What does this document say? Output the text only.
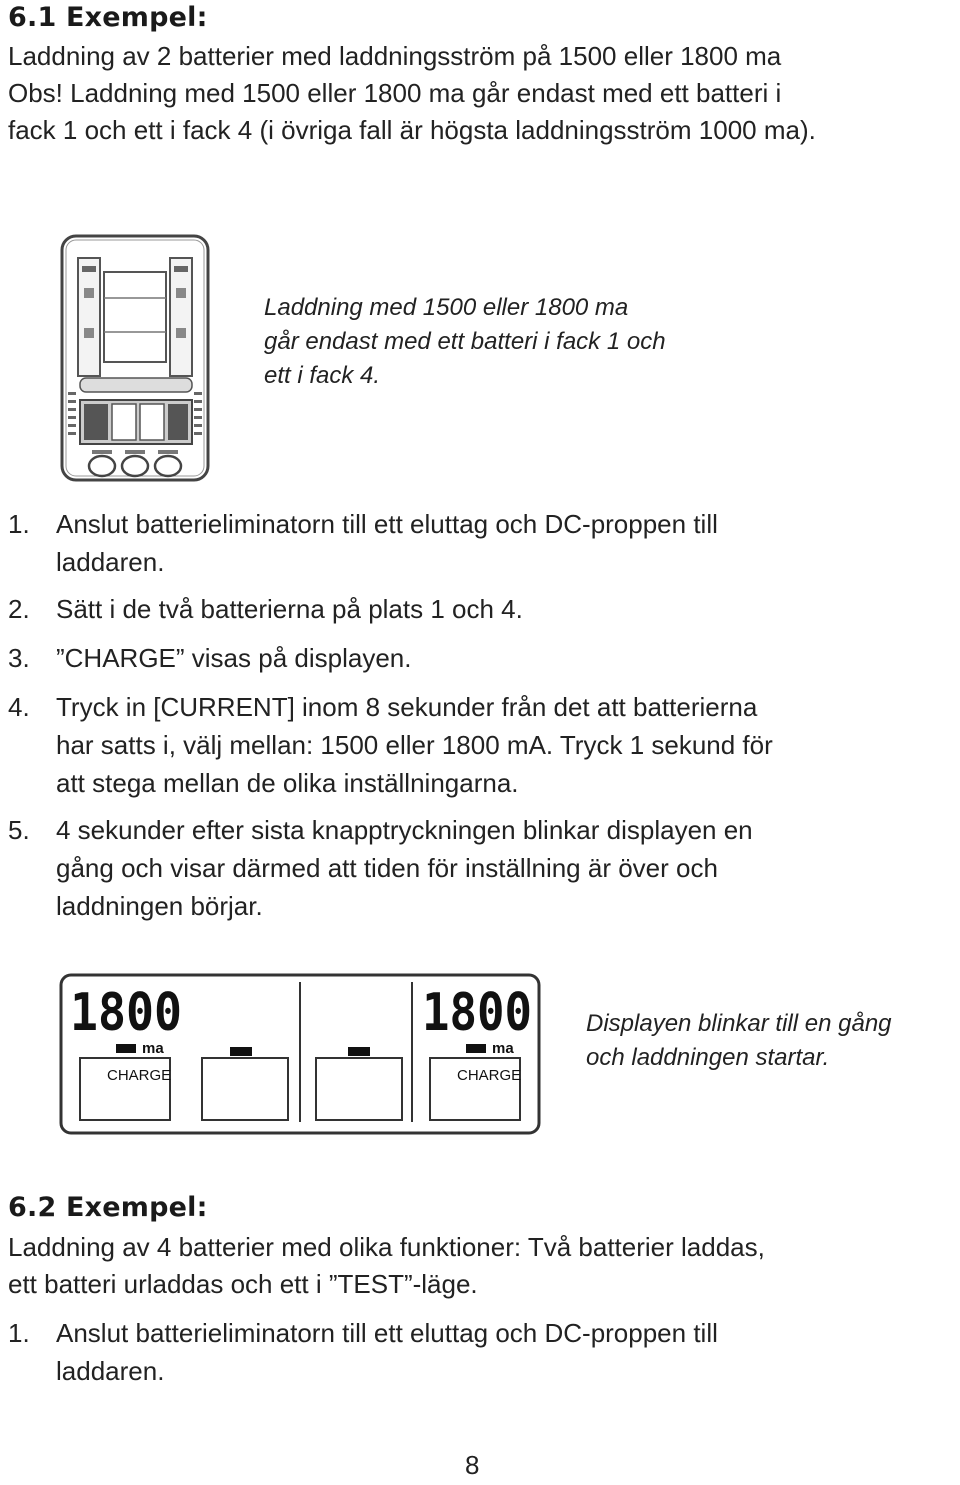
6.1 Exempel:
Laddning av 2 batterier med laddningsström på 1500 eller 1800 ma
Obs! Laddning med 1500 eller 1800 ma går endast med ett batteri i
fack 1 och ett i fack 4 (i övriga fall är högsta laddningsström 1000 ma).
Laddning med 1500 eller 1800 ma
går endast med ett batteri i fack 1 och
ett i fack 4.
1. Anslut batterieliminatorn till ett eluttag och DC-proppen till
laddaren.
2. Sätt i de två batterierna på plats 1 och 4.
3. ”CHARGE” visas på displayen.
4. Tryck in [CURRENT] inom 8 sekunder från det att batterierna
har satts i, välj mellan: 1500 eller 1800 mA. Tryck 1 sekund för
att stega mellan de olika inställningarna.
5. 4 sekunder efter sista knapptryckningen blinkar displayen en
gång och visar därmed att tiden för inställning är över och
laddningen börjar.
1800
ma
CHARGE
1800
ma
CHARGE
Displayen blinkar till en gång
och laddningen startar.
6.2 Exempel:
Laddning av 4 batterier med olika funktioner: Två batterier laddas,
ett batteri urladdas och ett i ”TEST”-läge.
1. Anslut batterieliminatorn till ett eluttag och DC-proppen till
laddaren.
8
